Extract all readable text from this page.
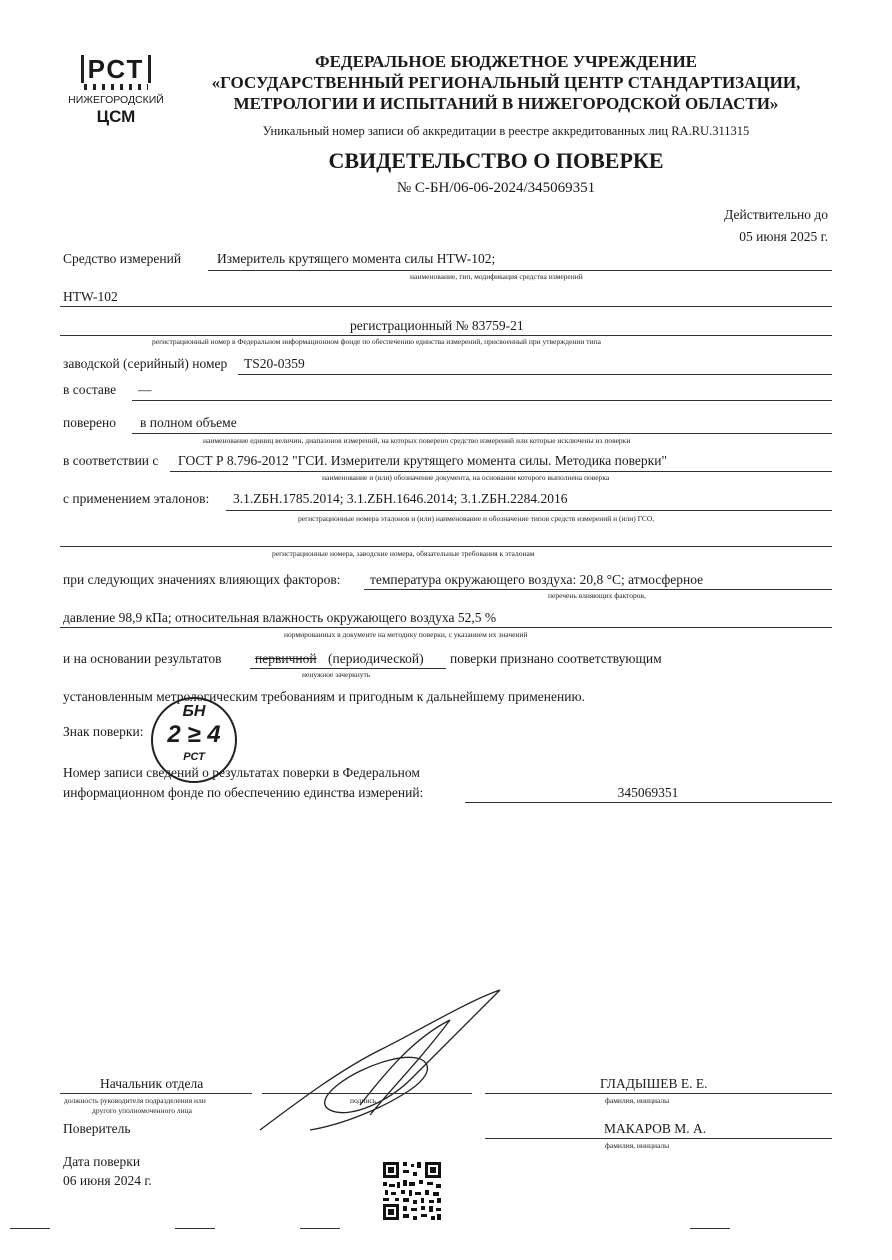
РСТ
НИЖЕГОРОДСКИЙ
ЦСМ
ФЕДЕРАЛЬНОЕ БЮДЖЕТНОЕ УЧРЕЖДЕНИЕ
«ГОСУДАРСТВЕННЫЙ РЕГИОНАЛЬНЫЙ ЦЕНТР СТАНДАРТИЗАЦИИ,
МЕТРОЛОГИИ И ИСПЫТАНИЙ В НИЖЕГОРОДСКОЙ ОБЛАСТИ»
Уникальный номер записи об аккредитации в реестре аккредитованных лиц RA.RU.311315
СВИДЕТЕЛЬСТВО О ПОВЕРКЕ
№ С-БН/06-06-2024/345069351
Действительно до
05 июня 2025 г.
Средство измерений	Измеритель крутящего момента силы HTW-102;
наименование, тип, модификация средства измерений
HTW-102
регистрационный № 83759-21
регистрационный номер в Федеральном информационном фонде по обеспечению единства измерений, присвоенный при утверждении типа
заводской (серийный) номер TS20-0359
в составе —
поверено в полном объеме
наименование единиц величин, диапазонов измерений, на которых поверено средство измерений или которые исключены из поверки
в соответствии с ГОСТ Р 8.796-2012 "ГСИ. Измерители крутящего момента силы. Методика поверки"
наименование и (или) обозначение документа, на основании которого выполнена поверка
с применением эталонов: 3.1.ZБН.1785.2014; 3.1.ZБН.1646.2014; 3.1.ZБН.2284.2016
регистрационные номера эталонов и (или) наименование и обозначение типов средств измерений и (или) ГСО,
регистрационные номера, заводские номера, обязательные требования к эталонам
при следующих значениях влияющих факторов: температура окружающего воздуха: 20,8 °С; атмосферное
перечень влияющих факторов,
давление 98,9 кПа; относительная влажность окружающего воздуха 52,5 %
нормированных в документе на методику поверки, с указанием их значений
и на основании результатов первичной (периодической) поверки признано соответствующим
ненужное зачеркнуть
установленным метрологическим требованиям и пригодным к дальнейшему применению.
Знак поверки:
БН
2 ≥ 4
РСТ
Номер записи сведений о результатах поверки в Федеральном
информационном фонде по обеспечению единства измерений:	345069351
Начальник отдела
должность руководителя подразделения или
другого уполномоченного лица
подпись
ГЛАДЫШЕВ Е. Е.
фамилия, инициалы
Поверитель	МАКАРОВ М. А.
фамилия, инициалы
Дата поверки
06 июня 2024 г.
